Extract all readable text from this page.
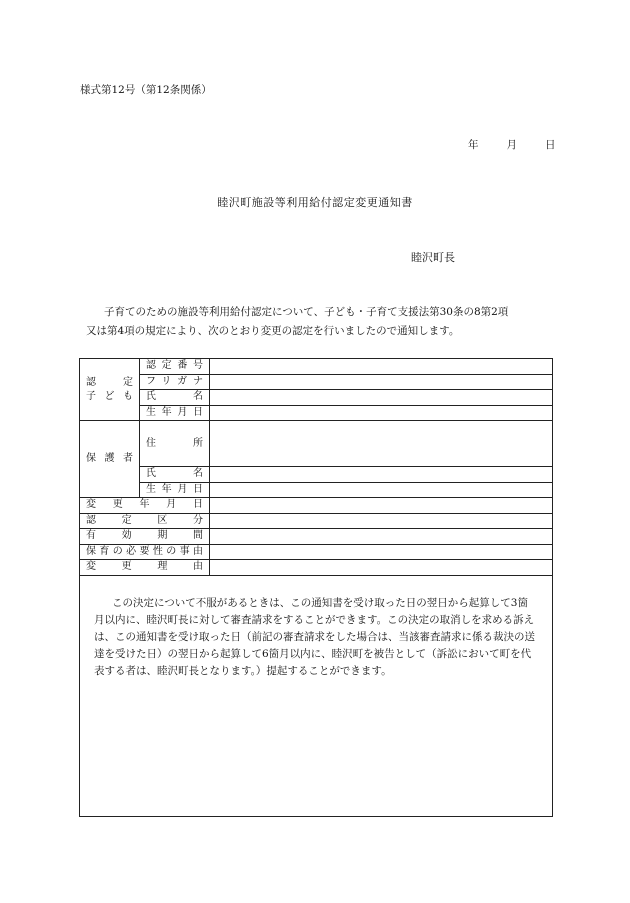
様式第12号（第12条関係）
年	月	日
睦沢町施設等利用給付認定変更通知書
睦沢町長
子育てのための施設等利用給付認定について、子ども・子育て支援法第30条の8第2項
又は第4項の規定により、次のとおり変更の認定を行いましたので通知します。
認　定
子ども	認定番号	
	フリガナ	
	氏名	
	生年月日	
保護者	住所	
	氏名	
	生年月日	
変更年月日		
認定区分		
有効期間		
保育の必要性の事由		
変更理由		
この決定について不服があるときは、この通知書を受け取った日の翌日から起算して3箇月以内に、睦沢町長に対して審査請求をすることができます。この決定の取消しを求める訴えは、この通知書を受け取った日（前記の審査請求をした場合は、当該審査請求に係る裁決の送達を受けた日）の翌日から起算して6箇月以内に、睦沢町を被告として（訴訟において町を代表する者は、睦沢町長となります。）提起することができます。		
